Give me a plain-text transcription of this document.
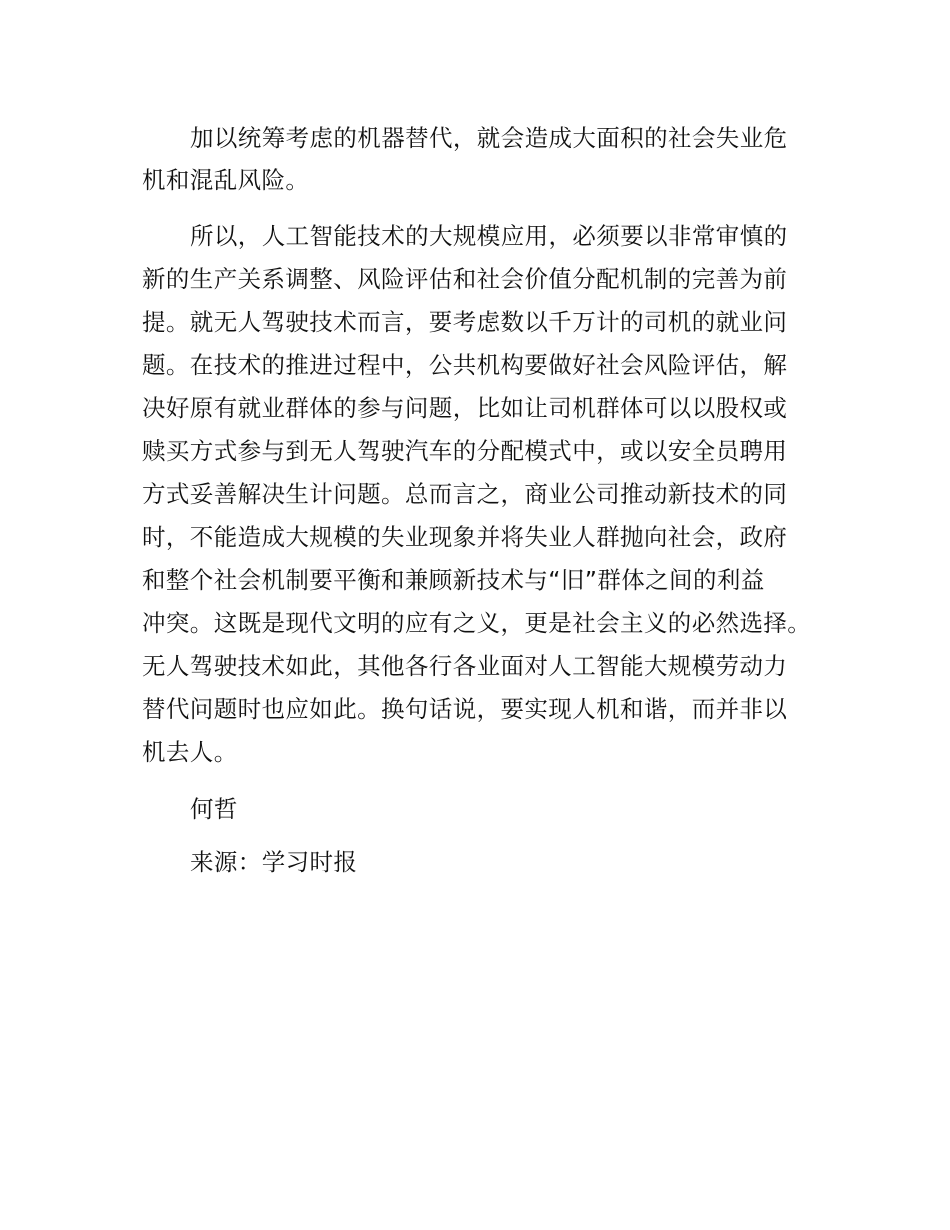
加以统筹考虑的机器替代，就会造成大面积的社会失业危
机和混乱风险。
所以，人工智能技术的大规模应用，必须要以非常审慎的
新的生产关系调整、风险评估和社会价值分配机制的完善为前
提。就无人驾驶技术而言，要考虑数以千万计的司机的就业问
题。在技术的推进过程中，公共机构要做好社会风险评估，解
决好原有就业群体的参与问题，比如让司机群体可以以股权或
赎买方式参与到无人驾驶汽车的分配模式中，或以安全员聘用
方式妥善解决生计问题。总而言之，商业公司推动新技术的同
时，不能造成大规模的失业现象并将失业人群抛向社会，政府
和整个社会机制要平衡和兼顾新技术与“旧”群体之间的利益
冲突。这既是现代文明的应有之义，更是社会主义的必然选择。
无人驾驶技术如此，其他各行各业面对人工智能大规模劳动力
替代问题时也应如此。换句话说，要实现人机和谐，而并非以
机去人。
何哲
来源：学习时报
